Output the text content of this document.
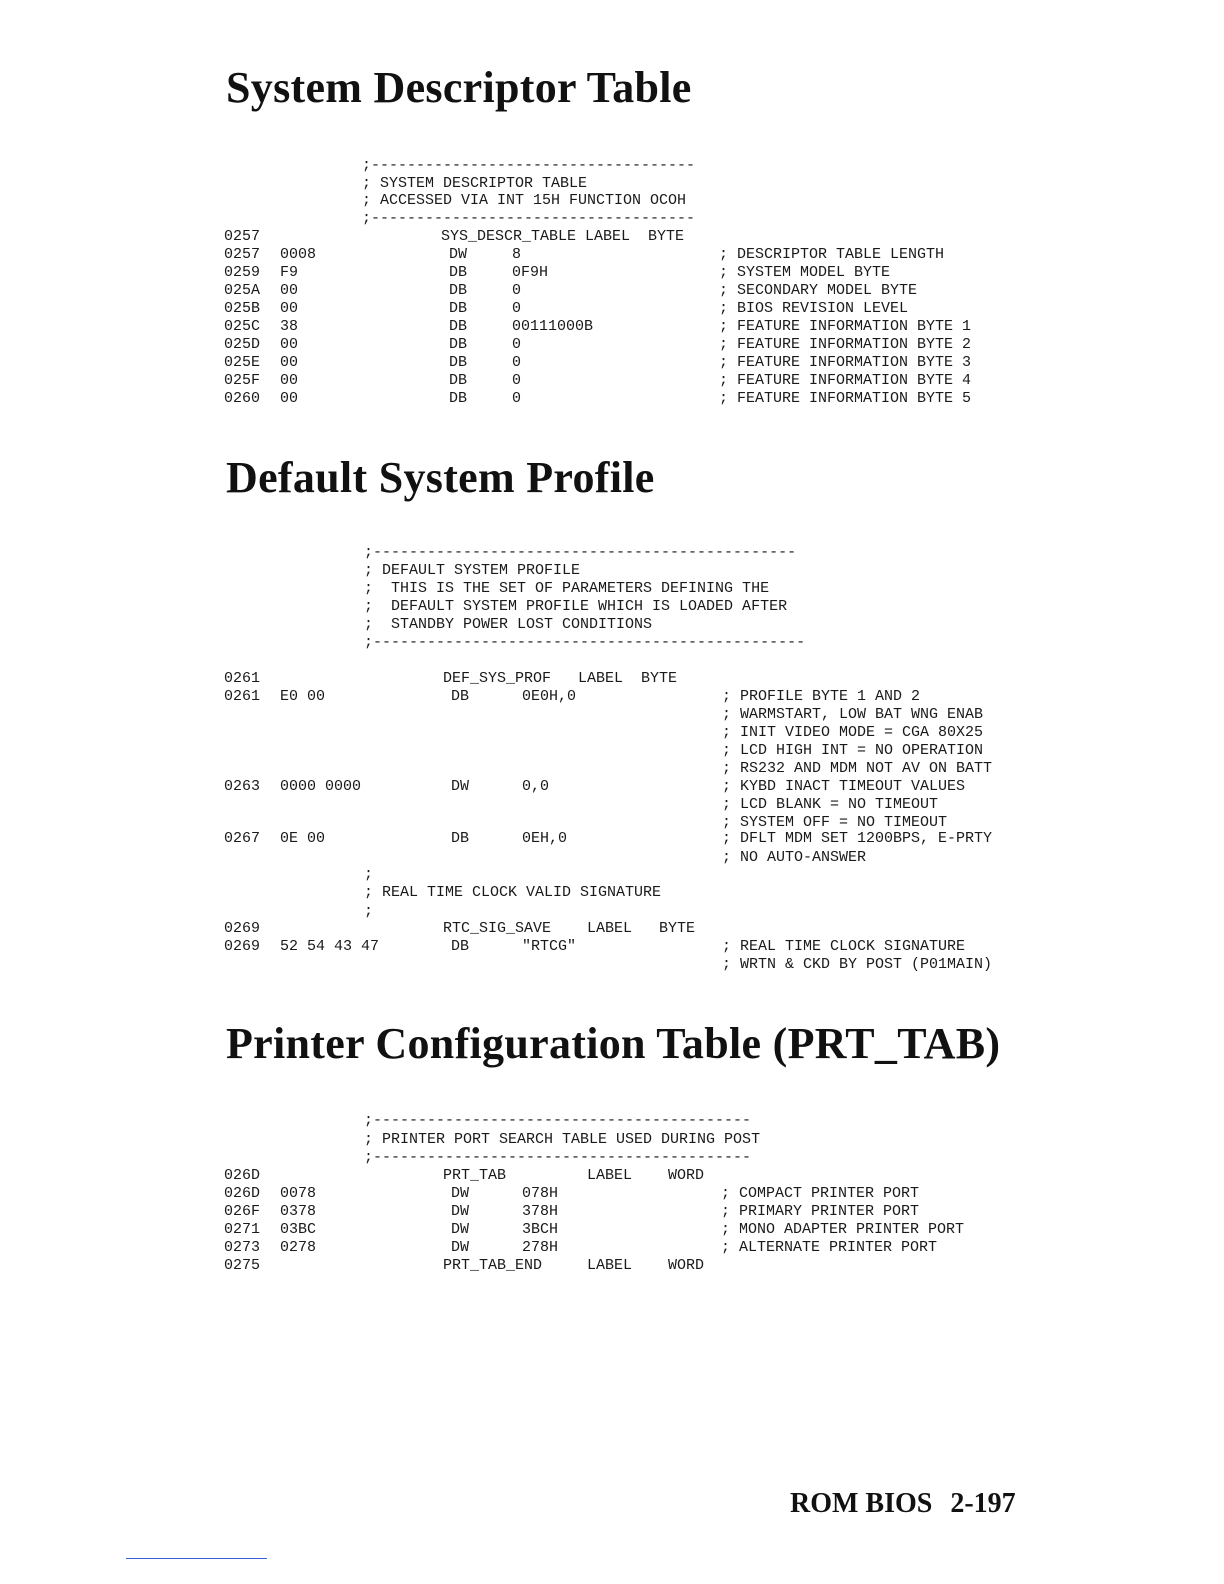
System Descriptor Table
;------------------------------------
; SYSTEM DESCRIPTOR TABLE
; ACCESSED VIA INT 15H FUNCTION OCOH
;------------------------------------
0257	SYS_DESCR_TABLE LABEL  BYTE
0257 0008	DW	8	; DESCRIPTOR TABLE LENGTH
0259 F9	DB	0F9H	; SYSTEM MODEL BYTE
025A 00	DB	0	; SECONDARY MODEL BYTE
025B 00	DB	0	; BIOS REVISION LEVEL
025C 38	DB	00111000B	; FEATURE INFORMATION BYTE 1
025D 00	DB	0	; FEATURE INFORMATION BYTE 2
025E 00	DB	0	; FEATURE INFORMATION BYTE 3
025F 00	DB	0	; FEATURE INFORMATION BYTE 4
0260 00	DB	0	; FEATURE INFORMATION BYTE 5
Default System Profile
;-----------------------------------------------
; DEFAULT SYSTEM PROFILE
;  THIS IS THE SET OF PARAMETERS DEFINING THE
;  DEFAULT SYSTEM PROFILE WHICH IS LOADED AFTER
;  STANDBY POWER LOST CONDITIONS
;------------------------------------------------
0261	DEF_SYS_PROF   LABEL  BYTE
0261 E0 00	DB	0E0H,0	; PROFILE BYTE 1 AND 2
; WARMSTART, LOW BAT WNG ENAB
; INIT VIDEO MODE = CGA 80X25
; LCD HIGH INT = NO OPERATION
; RS232 AND MDM NOT AV ON BATT
0263 0000 0000	DW	0,0	; KYBD INACT TIMEOUT VALUES
; LCD BLANK = NO TIMEOUT
; SYSTEM OFF = NO TIMEOUT
0267 0E 00	DB	0EH,0	; DFLT MDM SET 1200BPS, E-PRTY
; NO AUTO-ANSWER
;
; REAL TIME CLOCK VALID SIGNATURE
;
0269	RTC_SIG_SAVE    LABEL   BYTE
0269 52 54 43 47	DB	"RTCG"	; REAL TIME CLOCK SIGNATURE
; WRTN & CKD BY POST (P01MAIN)
Printer Configuration Table (PRT_TAB)
;------------------------------------------
; PRINTER PORT SEARCH TABLE USED DURING POST
;------------------------------------------
026D	PRT_TAB         LABEL    WORD
026D 0078	DW	078H	; COMPACT PRINTER PORT
026F 0378	DW	378H	; PRIMARY PRINTER PORT
0271 03BC	DW	3BCH	; MONO ADAPTER PRINTER PORT
0273 0278	DW	278H	; ALTERNATE PRINTER PORT
0275	PRT_TAB_END     LABEL    WORD
ROM BIOS 2-197
